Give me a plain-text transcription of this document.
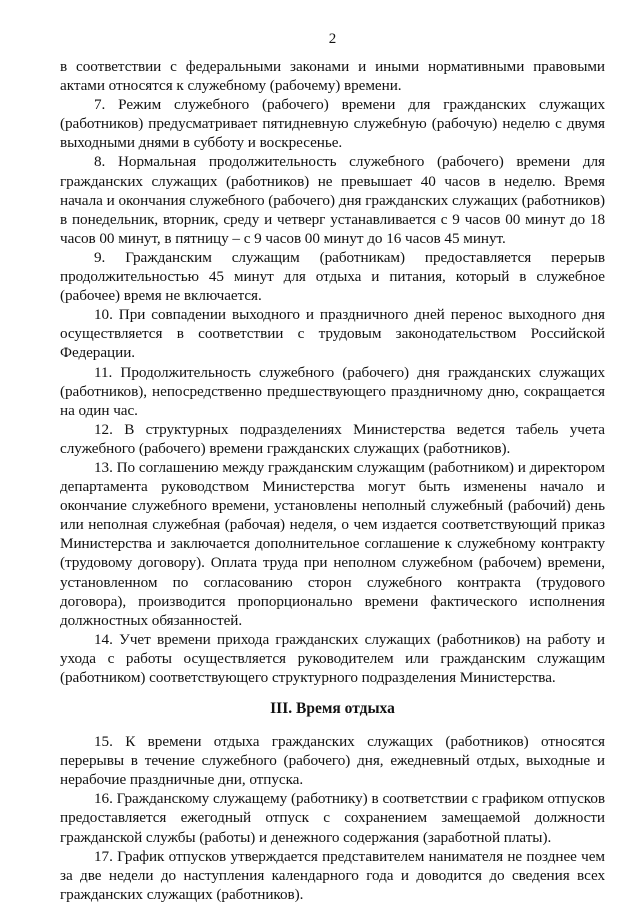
2

в соответствии с федеральными законами и иными нормативными правовыми актами относятся к служебному (рабочему) времени.

7. Режим служебного (рабочего) времени для гражданских служащих (работников) предусматривает пятидневную служебную (рабочую) неделю с двумя выходными днями в субботу и воскресенье.

8. Нормальная продолжительность служебного (рабочего) времени для гражданских служащих (работников) не превышает 40 часов в неделю. Время начала и окончания служебного (рабочего) дня гражданских служащих (работников) в понедельник, вторник, среду и четверг устанавливается с 9 часов 00 минут до 18 часов 00 минут, в пятницу – с 9 часов 00 минут до 16 часов 45 минут.

9. Гражданским служащим (работникам) предоставляется перерыв продолжительностью 45 минут для отдыха и питания, который в служебное (рабочее) время не включается.

10. При совпадении выходного и праздничного дней перенос выходного дня осуществляется в соответствии с трудовым законодательством Российской Федерации.

11. Продолжительность служебного (рабочего) дня гражданских служащих (работников), непосредственно предшествующего праздничному дню, сокращается на один час.

12. В структурных подразделениях Министерства ведется табель учета служебного (рабочего) времени гражданских служащих (работников).

13. По соглашению между гражданским служащим (работником) и директором департамента руководством Министерства могут быть изменены начало и окончание служебного времени, установлены неполный служебный (рабочий) день или неполная служебная (рабочая) неделя, о чем издается соответствующий приказ Министерства и заключается дополнительное соглашение к служебному контракту (трудовому договору). Оплата труда при неполном служебном (рабочем) времени, установленном по согласованию сторон служебного контракта (трудового договора), производится пропорционально времени фактического исполнения должностных обязанностей.

14. Учет времени прихода гражданских служащих (работников) на работу и ухода с работы осуществляется руководителем или гражданским служащим (работником) соответствующего структурного подразделения Министерства.

III. Время отдыха

15. К времени отдыха гражданских служащих (работников) относятся перерывы в течение служебного (рабочего) дня, ежедневный отдых, выходные и нерабочие праздничные дни, отпуска.

16. Гражданскому служащему (работнику) в соответствии с графиком отпусков предоставляется ежегодный отпуск с сохранением замещаемой должности гражданской службы (работы) и денежного содержания (заработной платы).

17. График отпусков утверждается представителем нанимателя не позднее чем за две недели до наступления календарного года и доводится до сведения всех гражданских служащих (работников).
